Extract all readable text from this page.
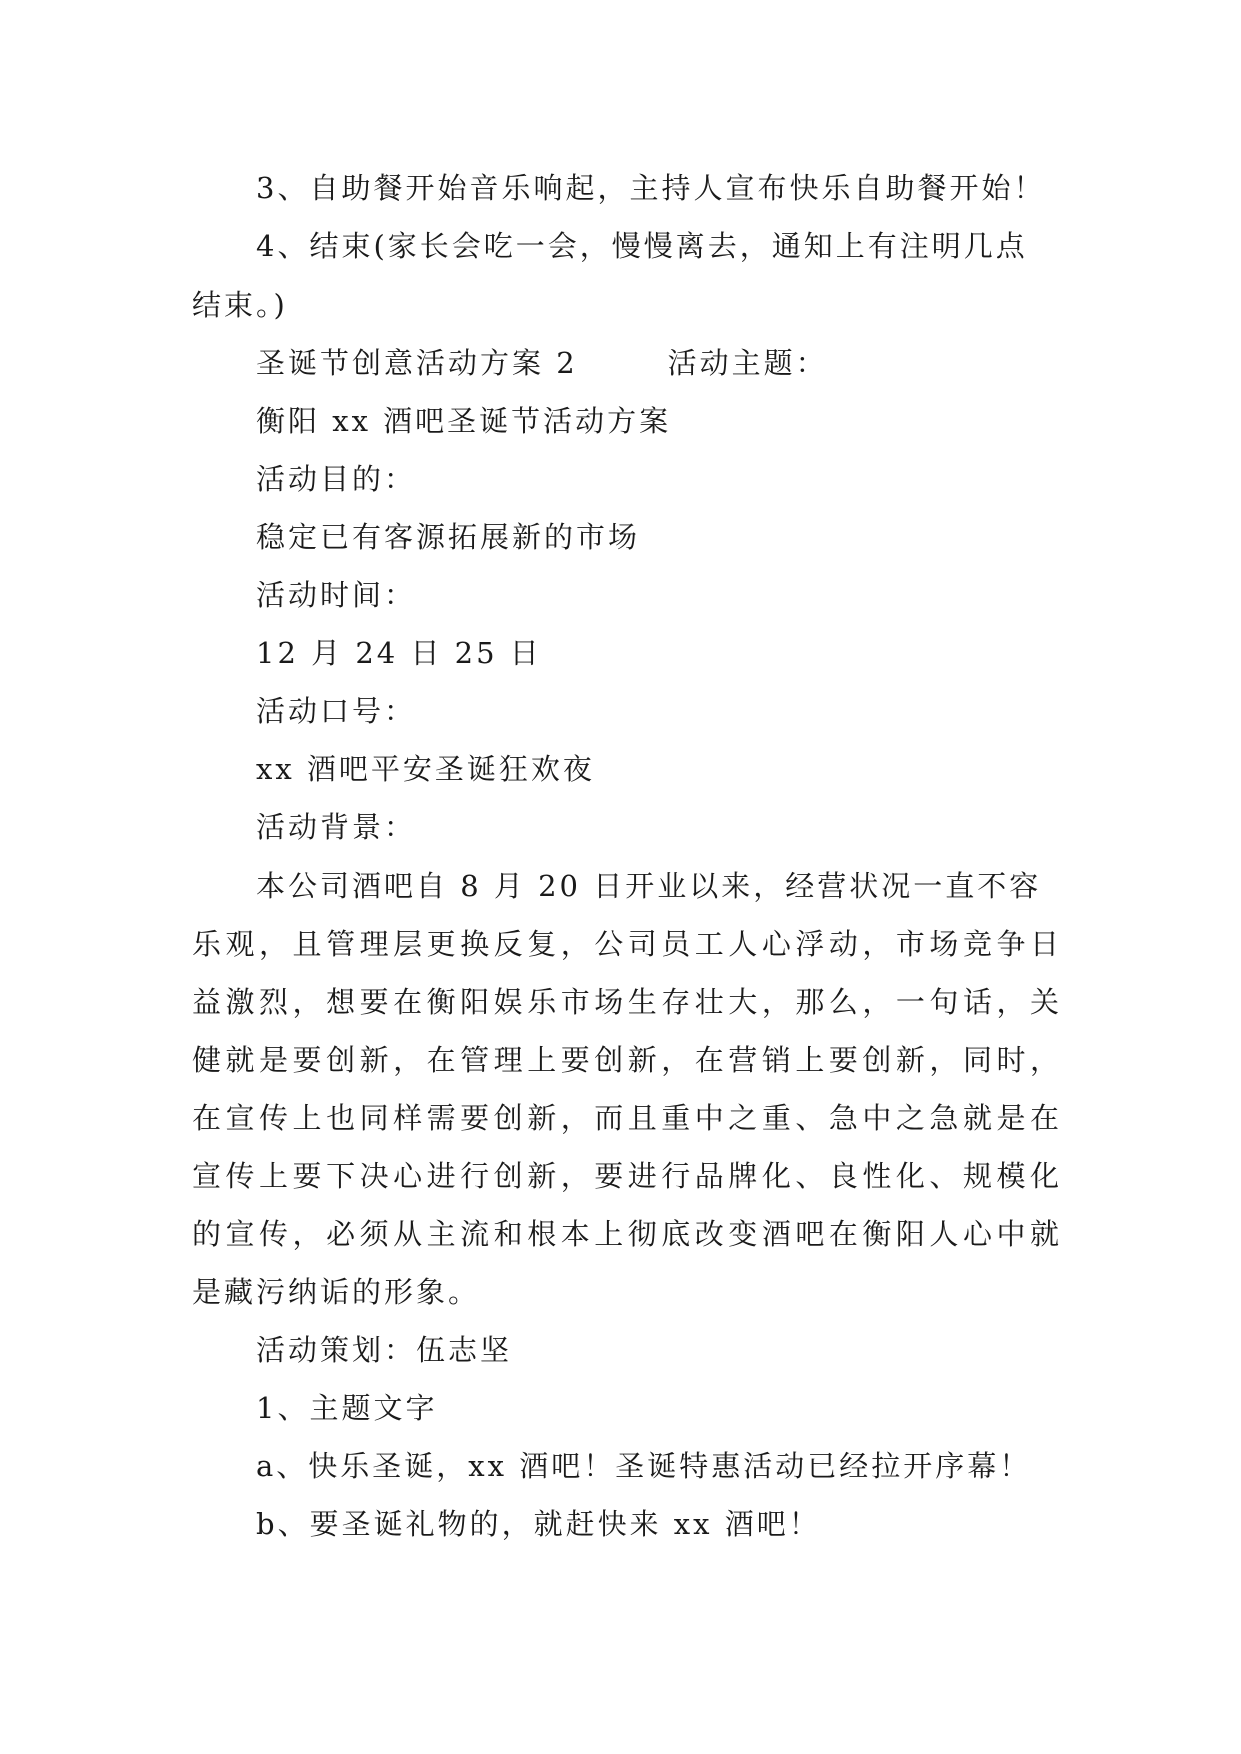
3、自助餐开始音乐响起，主持人宣布快乐自助餐开始！
4、结束(家长会吃一会，慢慢离去，通知上有注明几点
结束。)
圣诞节创意活动方案 2	活动主题：
衡阳 xx 酒吧圣诞节活动方案
活动目的：
稳定已有客源拓展新的市场
活动时间：
12 月 24 日 25 日
活动口号：
xx 酒吧平安圣诞狂欢夜
活动背景：
本公司酒吧自 8 月 20 日开业以来，经营状况一直不容
乐观，且管理层更换反复，公司员工人心浮动，市场竞争日
益激烈，想要在衡阳娱乐市场生存壮大，那么，一句话，关
健就是要创新，在管理上要创新，在营销上要创新，同时，
在宣传上也同样需要创新，而且重中之重、急中之急就是在
宣传上要下决心进行创新，要进行品牌化、良性化、规模化
的宣传，必须从主流和根本上彻底改变酒吧在衡阳人心中就
是藏污纳诟的形象。
活动策划：伍志坚
1、主题文字
a、快乐圣诞，xx 酒吧！圣诞特惠活动已经拉开序幕！
b、要圣诞礼物的，就赶快来 xx 酒吧！
